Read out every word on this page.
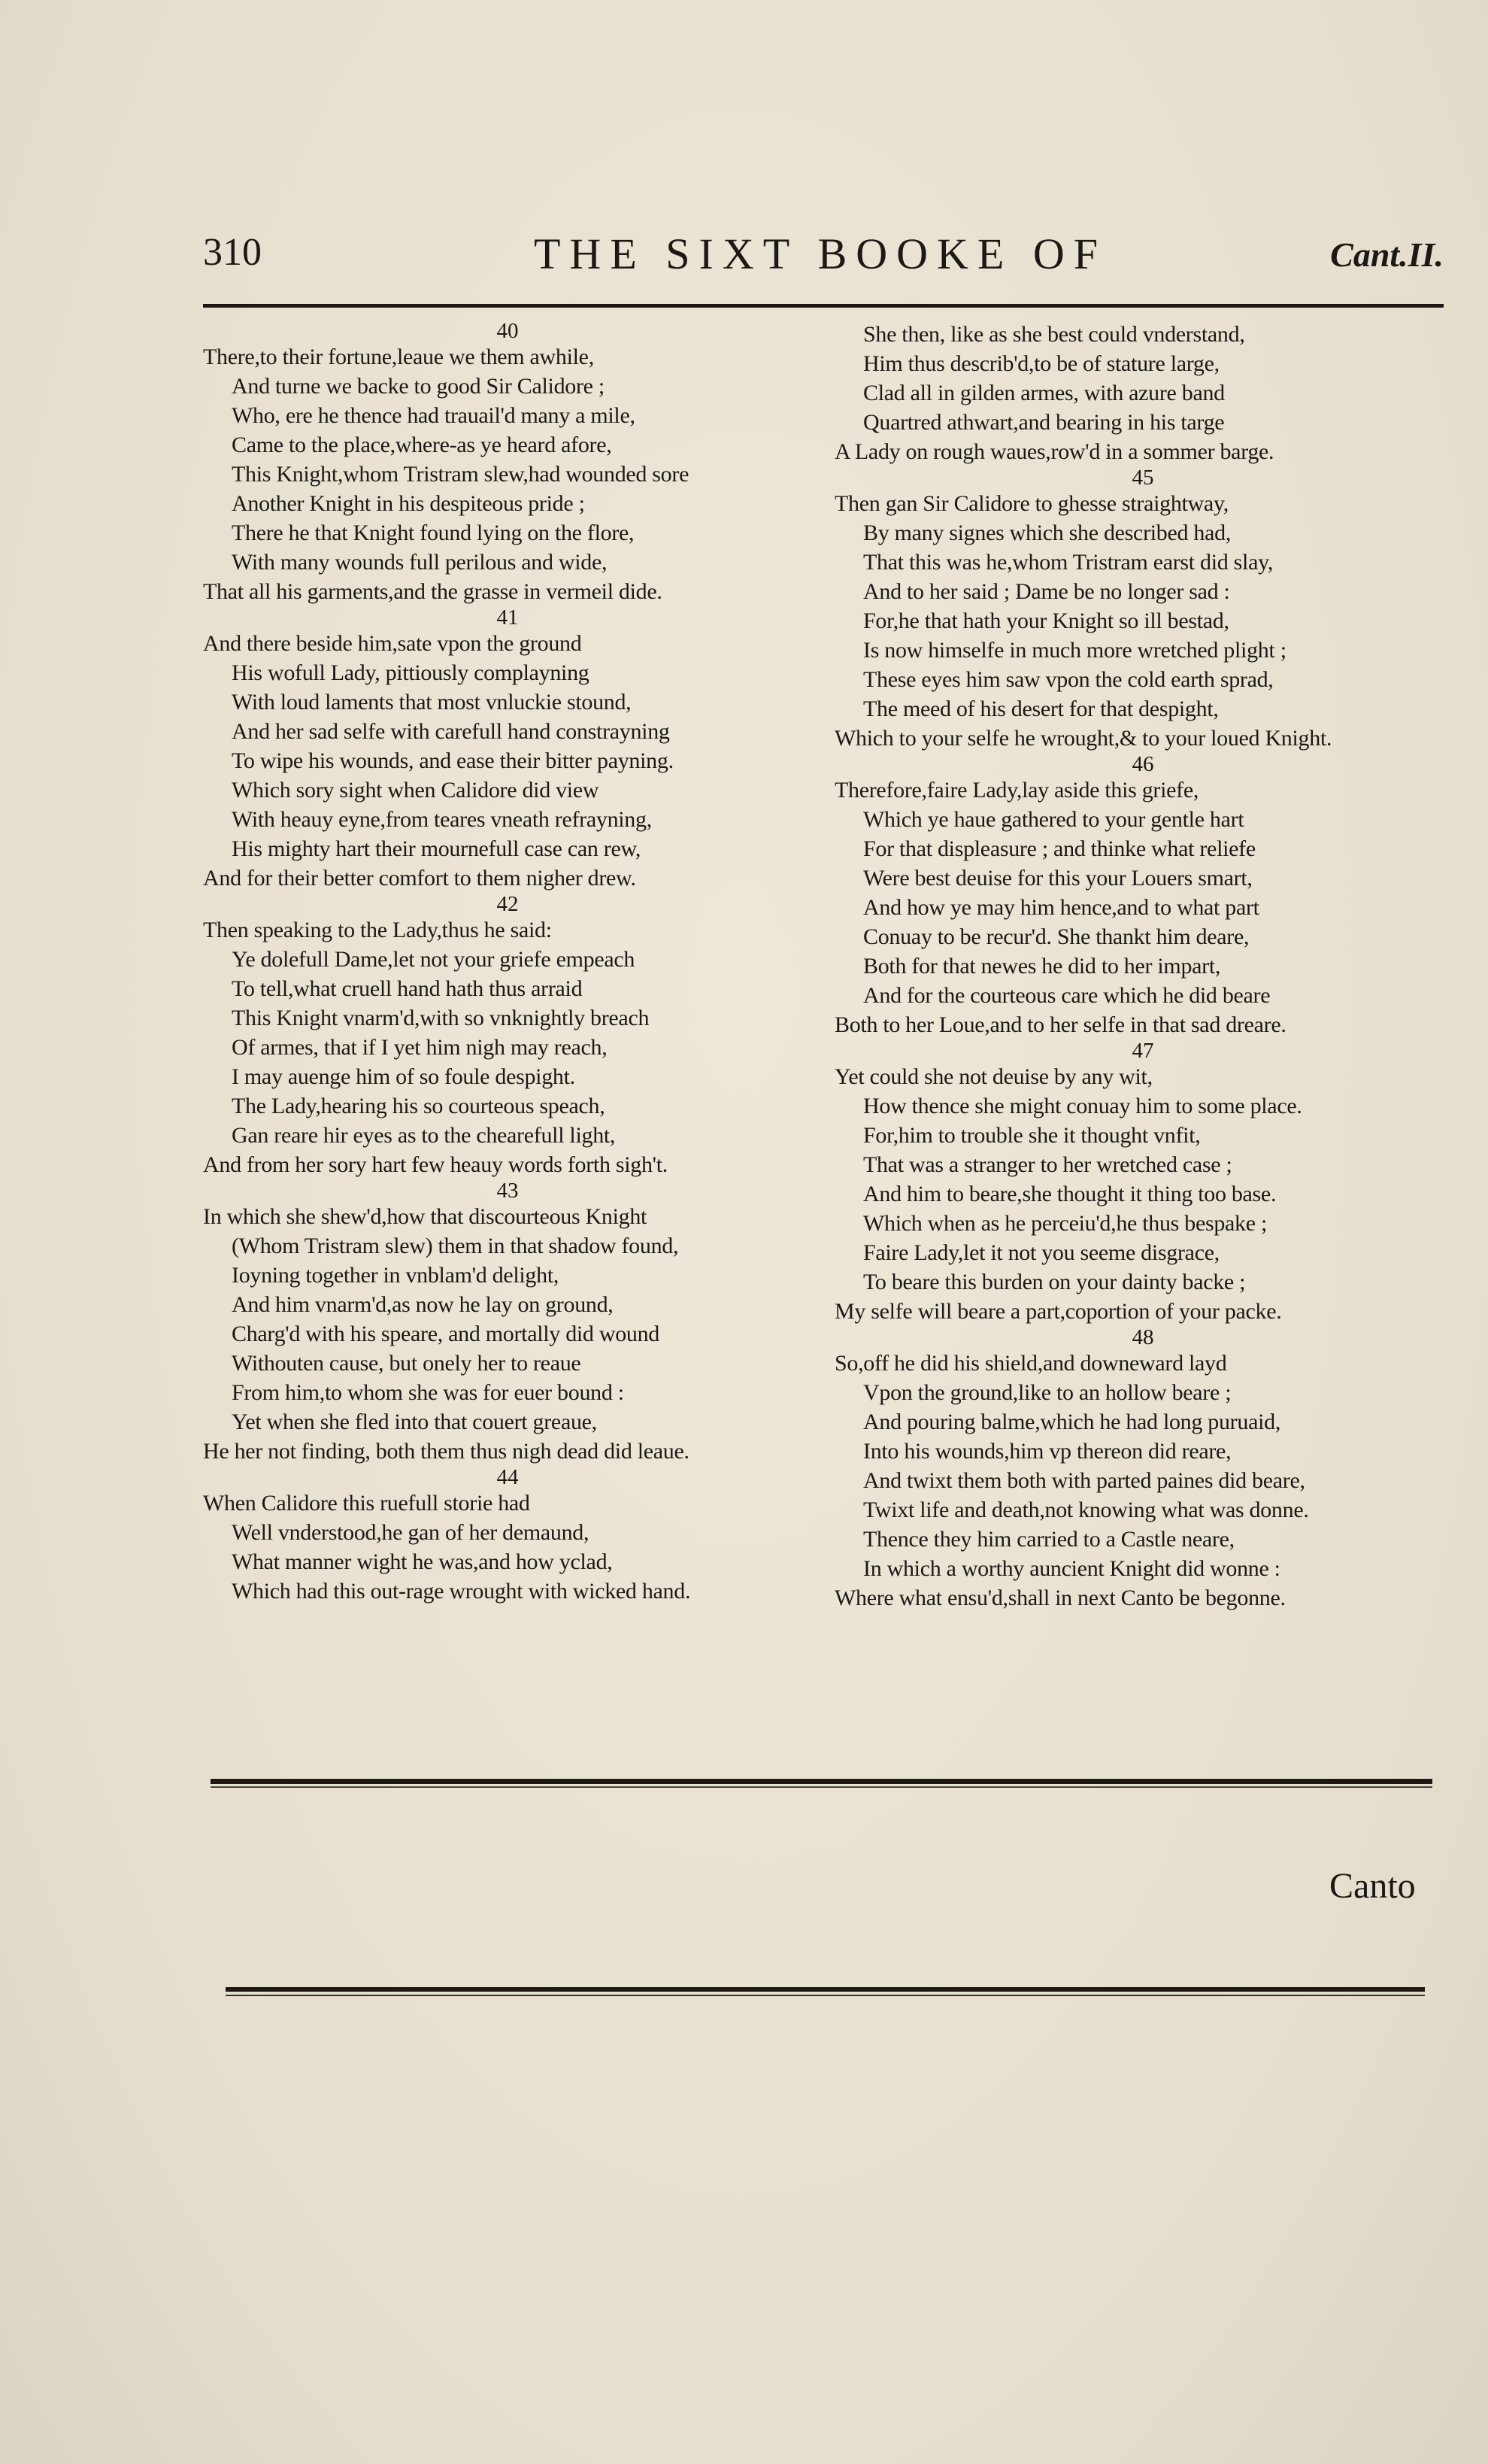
310	THE SIXT BOOKE OF	Cant.II.
40
There,to their fortune,leaue we them awhile,
And turne we backe to good Sir Calidore ;
Who, ere he thence had trauail'd many a mile,
Came to the place,where-as ye heard afore,
This Knight,whom Tristram slew,had wounded sore
Another Knight in his despiteous pride ;
There he that Knight found lying on the flore,
With many wounds full perilous and wide,
That all his garments,and the grasse in vermeil dide.
41
And there beside him,sate vpon the ground
His wofull Lady, pittiously complayning
With loud laments that most vnluckie stound,
And her sad selfe with carefull hand constrayning
To wipe his wounds, and ease their bitter payning.
Which sory sight when Calidore did view
With heauy eyne,from teares vneath refrayning,
His mighty hart their mournefull case can rew,
And for their better comfort to them nigher drew.
42
Then speaking to the Lady,thus he said:
Ye dolefull Dame,let not your griefe empeach
To tell,what cruell hand hath thus arraid
This Knight vnarm'd,with so vnknightly breach
Of armes, that if I yet him nigh may reach,
I may auenge him of so foule despight.
The Lady,hearing his so courteous speach,
Gan reare hir eyes as to the chearefull light,
And from her sory hart few heauy words forth sigh't.
43
In which she shew'd,how that discourteous Knight
(Whom Tristram slew) them in that shadow found,
Ioyning together in vnblam'd delight,
And him vnarm'd,as now he lay on ground,
Charg'd with his speare, and mortally did wound
Withouten cause, but onely her to reaue
From him,to whom she was for euer bound :
Yet when she fled into that couert greaue,
He her not finding, both them thus nigh dead did leaue.
44
When Calidore this ruefull storie had
Well vnderstood,he gan of her demaund,
What manner wight he was,and how yclad,
Which had this out-rage wrought with wicked hand.
She then, like as she best could vnderstand,
Him thus describ'd,to be of stature large,
Clad all in gilden armes, with azure band
Quartred athwart,and bearing in his targe
A Lady on rough waues,row'd in a sommer barge.
45
Then gan Sir Calidore to ghesse straightway,
By many signes which she described had,
That this was he,whom Tristram earst did slay,
And to her said ; Dame be no longer sad :
For,he that hath your Knight so ill bestad,
Is now himselfe in much more wretched plight ;
These eyes him saw vpon the cold earth sprad,
The meed of his desert for that despight,
Which to your selfe he wrought,& to your loued Knight.
46
Therefore,faire Lady,lay aside this griefe,
Which ye haue gathered to your gentle hart
For that displeasure ; and thinke what reliefe
Were best deuise for this your Louers smart,
And how ye may him hence,and to what part
Conuay to be recur'd. She thankt him deare,
Both for that newes he did to her impart,
And for the courteous care which he did beare
Both to her Loue,and to her selfe in that sad dreare.
47
Yet could she not deuise by any wit,
How thence she might conuay him to some place.
For,him to trouble she it thought vnfit,
That was a stranger to her wretched case ;
And him to beare,she thought it thing too base.
Which when as he perceiu'd,he thus bespake ;
Faire Lady,let it not you seeme disgrace,
To beare this burden on your dainty backe ;
My selfe will beare a part,coportion of your packe.
48
So,off he did his shield,and downeward layd
Vpon the ground,like to an hollow beare ;
And pouring balme,which he had long puruaid,
Into his wounds,him vp thereon did reare,
And twixt them both with parted paines did beare,
Twixt life and death,not knowing what was donne.
Thence they him carried to a Castle neare,
In which a worthy auncient Knight did wonne :
Where what ensu'd,shall in next Canto be begonne.
Canto
